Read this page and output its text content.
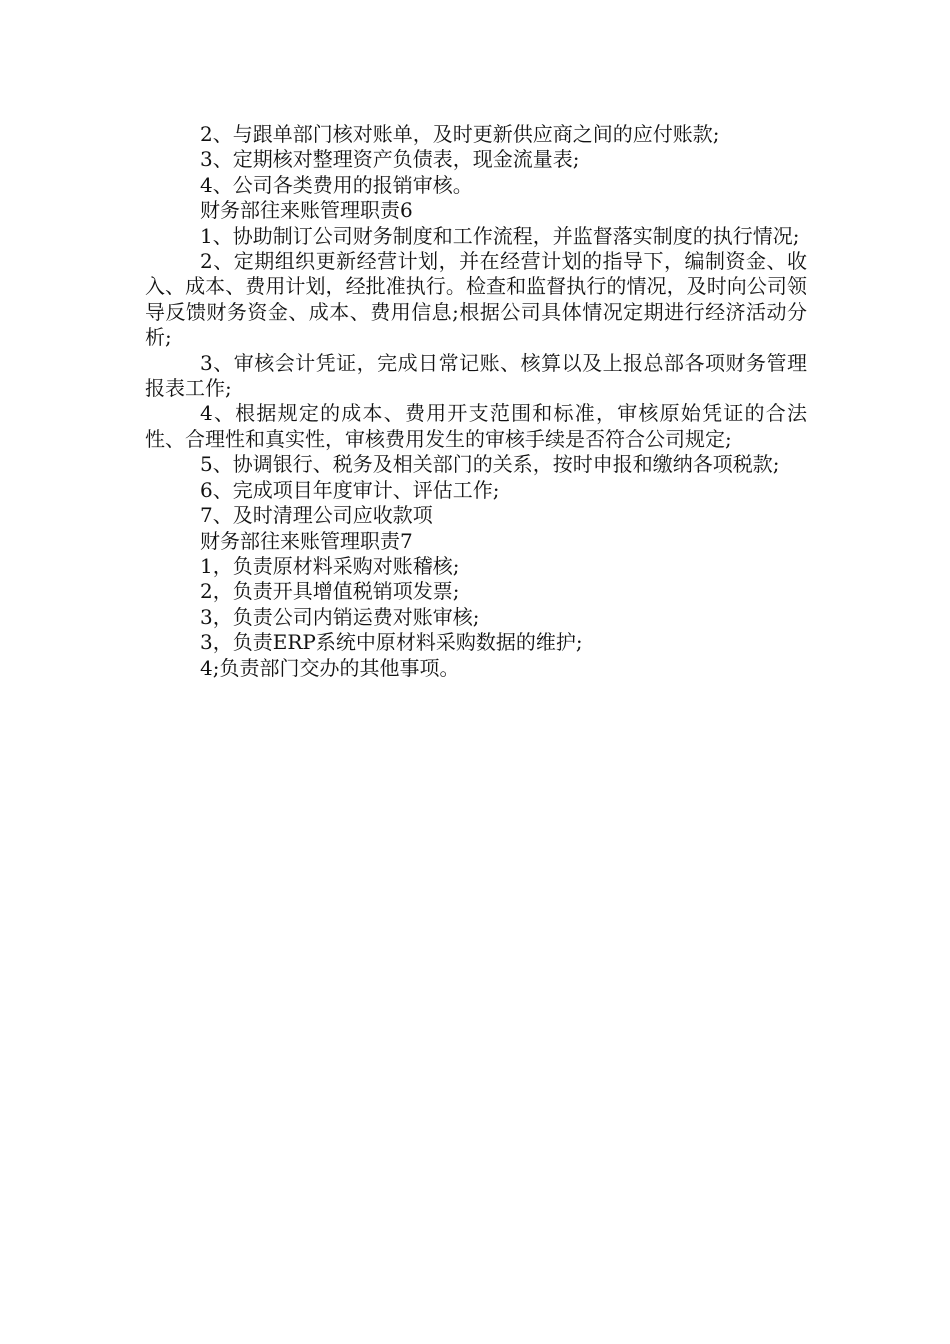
2、与跟单部门核对账单，及时更新供应商之间的应付账款;

3、定期核对整理资产负债表，现金流量表;

4、公司各类费用的报销审核。

财务部往来账管理职责6

1、协助制订公司财务制度和工作流程，并监督落实制度的执行情况;

2、定期组织更新经营计划，并在经营计划的指导下，编制资金、收入、成本、费用计划，经批准执行。检查和监督执行的情况，及时向公司领导反馈财务资金、成本、费用信息;根据公司具体情况定期进行经济活动分析;

3、审核会计凭证，完成日常记账、核算以及上报总部各项财务管理报表工作;

4、根据规定的成本、费用开支范围和标准，审核原始凭证的合法性、合理性和真实性，审核费用发生的审核手续是否符合公司规定;

5、协调银行、税务及相关部门的关系，按时申报和缴纳各项税款;

6、完成项目年度审计、评估工作;

7、及时清理公司应收款项

财务部往来账管理职责7

1，负责原材料采购对账稽核;

2，负责开具增值税销项发票;

3，负责公司内销运费对账审核;

3，负责ERP系统中原材料采购数据的维护;

4;负责部门交办的其他事项。
